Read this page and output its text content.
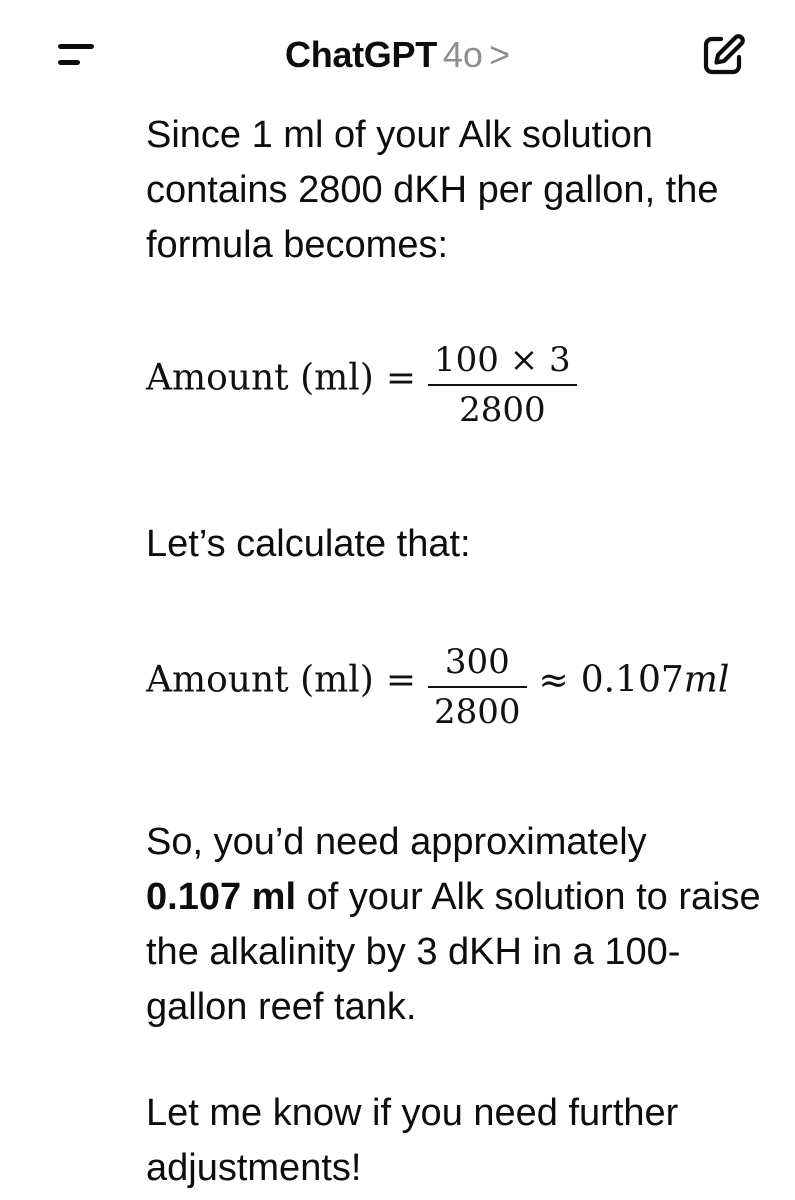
ChatGPT 4o >

Since 1 ml of your Alk solution contains 2800 dKH per gallon, the formula becomes:

Amount $(ml) = \frac{100 \times 3}{2800}$

Let’s calculate that:

Amount $(ml) = \frac{300}{2800} \approx 0.107ml$

So, you’d need approximately
0.107 ml of your Alk solution to raise the alkalinity by 3 dKH in a 100-gallon reef tank.

Let me know if you need further adjustments!
